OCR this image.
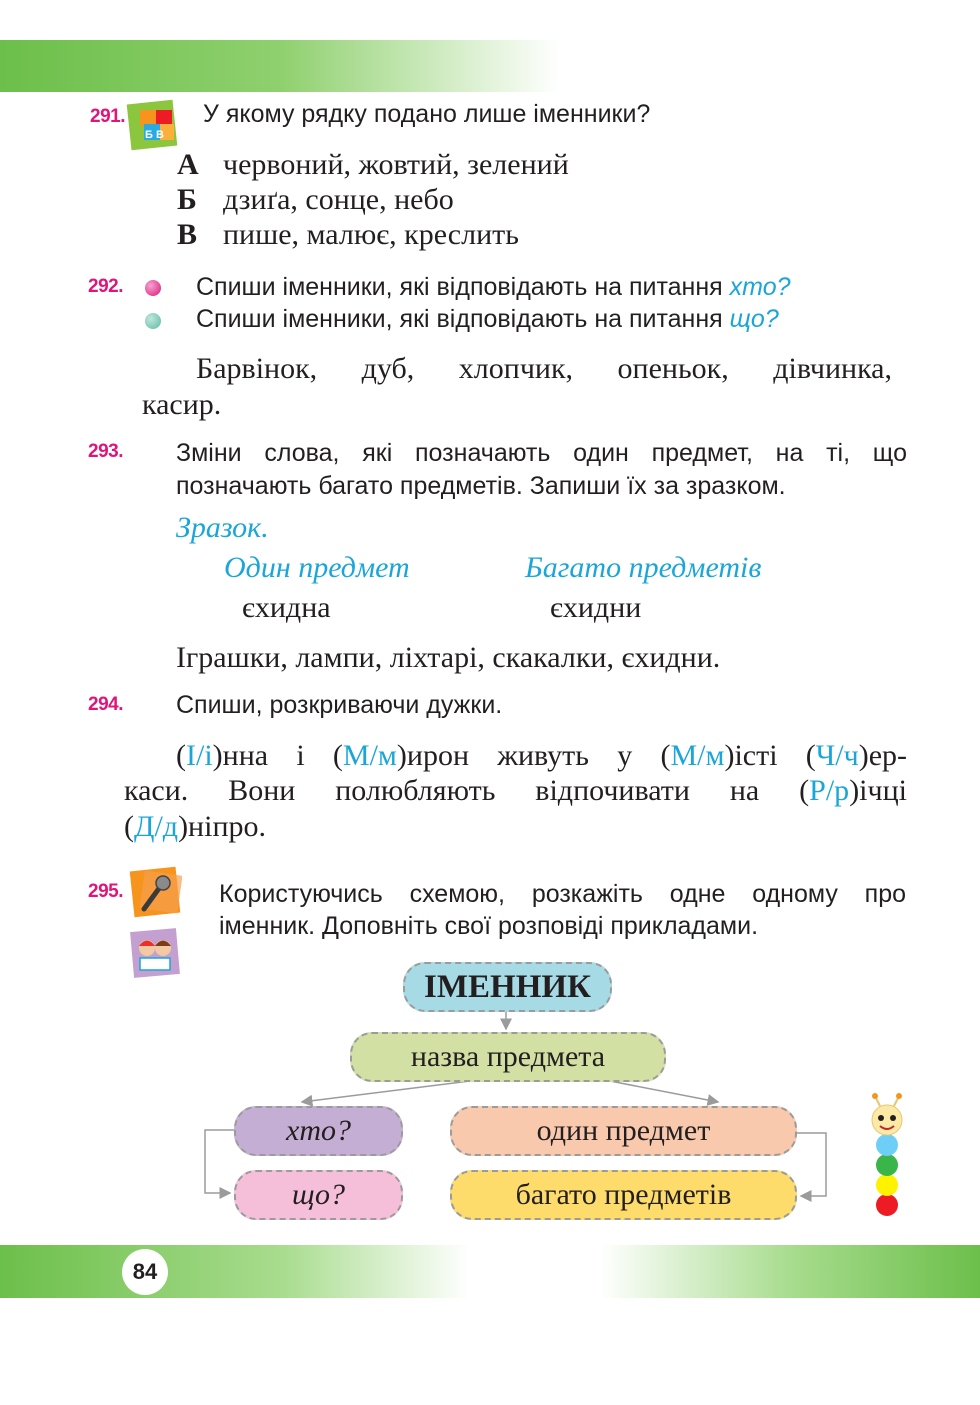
84
291.
Б В
У якому рядку подано лише іменники?
А червоний, жовтий, зелений
Б дзиґа, сонце, небо
В пише, малює, креслить
292.	Спиши іменники, які відповідають на питання хто?
Спиши іменники, які відповідають на питання що?
Барвінок, дуб, хлопчик, опеньок, дівчинка,
касир.
293. Зміни слова, які позначають один предмет, на ті, що
позначають багато предметів. Запиши їх за зразком.
Зразок.
Один предмет	Багато предметів
єхидна	єхидни
Іграшки, лампи, ліхтарі, скакалки, єхидни.
294. Спиши, розкриваючи дужки.
(І/і)нна і (М/м)ирон живуть у (М/м)істі (Ч/ч)ер-
каси. Вони полюбляють відпочивати на (Р/р)ічці
(Д/д)ніпро.
295.	Користуючись схемою, розкажіть одне одному про
іменник. Доповніть свої розповіді прикладами.
ІМЕННИК
назва предмета
хто?
що?
один предмет
багато предметів
